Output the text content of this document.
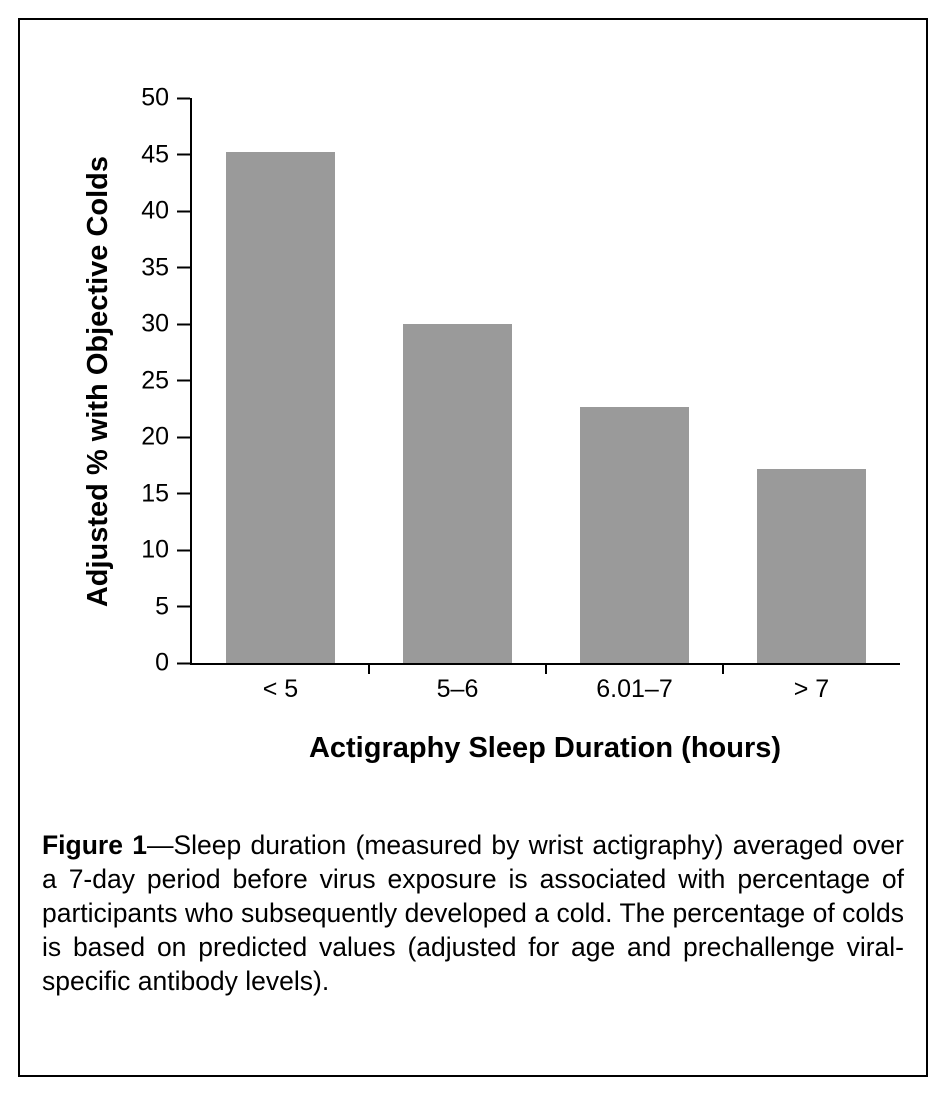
Adjusted % with Objective Colds
< 5	5–6	6.01–7	> 7
0
5
10
15
20
25
30
35
40
45
50
Actigraphy Sleep Duration (hours)

Figure 1—Sleep duration (measured by wrist actigraphy) averaged over a 7-day period before virus exposure is associated with percentage of participants who subsequently developed a cold. The percentage of colds is based on predicted values (adjusted for age and prechallenge viral-specific antibody levels).
